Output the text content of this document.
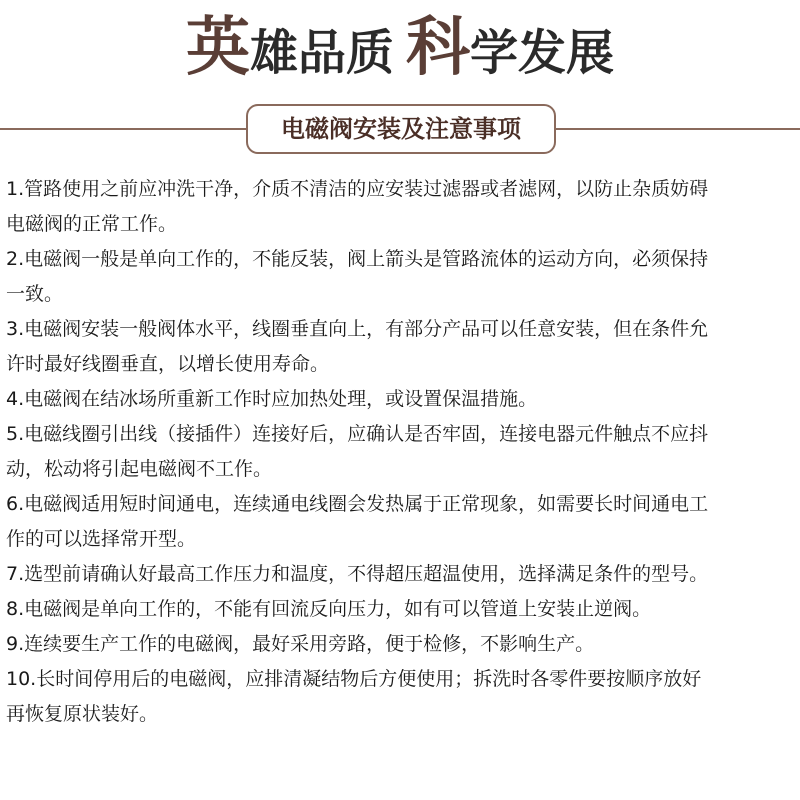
英雄品质 科学发展
电磁阀安装及注意事项
1.管路使用之前应冲洗干净，介质不清洁的应安装过滤器或者滤网，以防止杂质妨碍
电磁阀的正常工作。
2.电磁阀一般是单向工作的，不能反装，阀上箭头是管路流体的运动方向，必须保持
一致。
3.电磁阀安装一般阀体水平，线圈垂直向上，有部分产品可以任意安装，但在条件允
许时最好线圈垂直，以增长使用寿命。
4.电磁阀在结冰场所重新工作时应加热处理，或设置保温措施。
5.电磁线圈引出线（接插件）连接好后，应确认是否牢固，连接电器元件触点不应抖
动，松动将引起电磁阀不工作。
6.电磁阀适用短时间通电，连续通电线圈会发热属于正常现象，如需要长时间通电工
作的可以选择常开型。
7.选型前请确认好最高工作压力和温度，不得超压超温使用，选择满足条件的型号。
8.电磁阀是单向工作的，不能有回流反向压力，如有可以管道上安装止逆阀。
9.连续要生产工作的电磁阀，最好采用旁路，便于检修，不影响生产。
10.长时间停用后的电磁阀，应排清凝结物后方便使用；拆洗时各零件要按顺序放好
再恢复原状装好。
